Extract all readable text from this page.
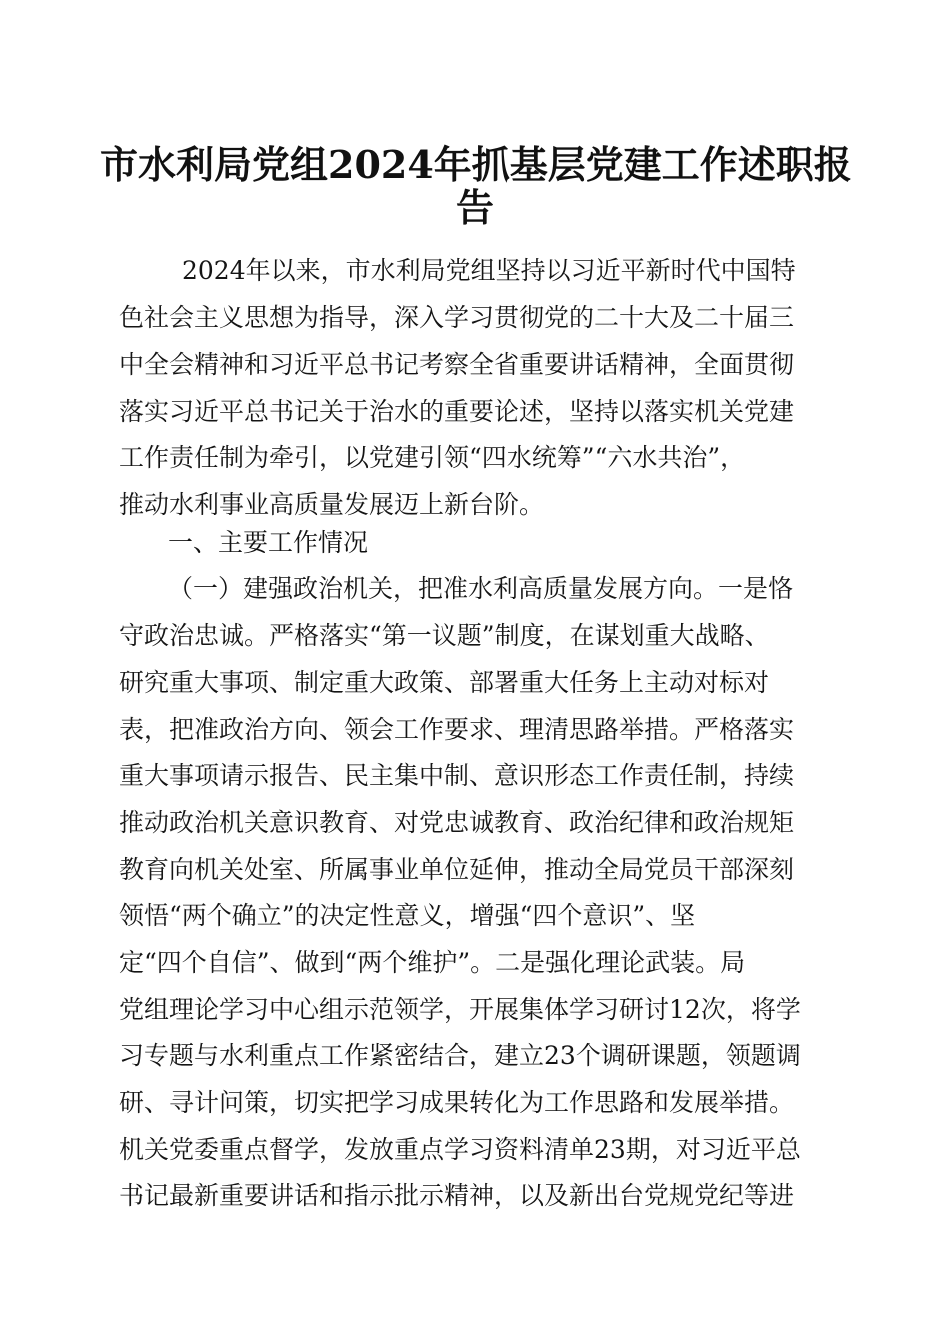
市水利局党组2024年抓基层党建工作述职报
告
2024年以来，市水利局党组坚持以习近平新时代中国特
色社会主义思想为指导，深入学习贯彻党的二十大及二十届三
中全会精神和习近平总书记考察全省重要讲话精神，全面贯彻
落实习近平总书记关于治水的重要论述，坚持以落实机关党建
工作责任制为牵引，以党建引领“四水统筹”“六水共治”，
推动水利事业高质量发展迈上新台阶。
一、主要工作情况
（一）建强政治机关，把准水利高质量发展方向。一是恪
守政治忠诚。严格落实“第一议题”制度，在谋划重大战略、
研究重大事项、制定重大政策、部署重大任务上主动对标对
表，把准政治方向、领会工作要求、理清思路举措。严格落实
重大事项请示报告、民主集中制、意识形态工作责任制，持续
推动政治机关意识教育、对党忠诚教育、政治纪律和政治规矩
教育向机关处室、所属事业单位延伸，推动全局党员干部深刻
领悟“两个确立”的决定性意义，增强“四个意识”、坚
定“四个自信”、做到“两个维护”。二是强化理论武装。局
党组理论学习中心组示范领学，开展集体学习研讨12次，将学
习专题与水利重点工作紧密结合，建立23个调研课题，领题调
研、寻计问策，切实把学习成果转化为工作思路和发展举措。
机关党委重点督学，发放重点学习资料清单23期，对习近平总
书记最新重要讲话和指示批示精神，以及新出台党规党纪等进
